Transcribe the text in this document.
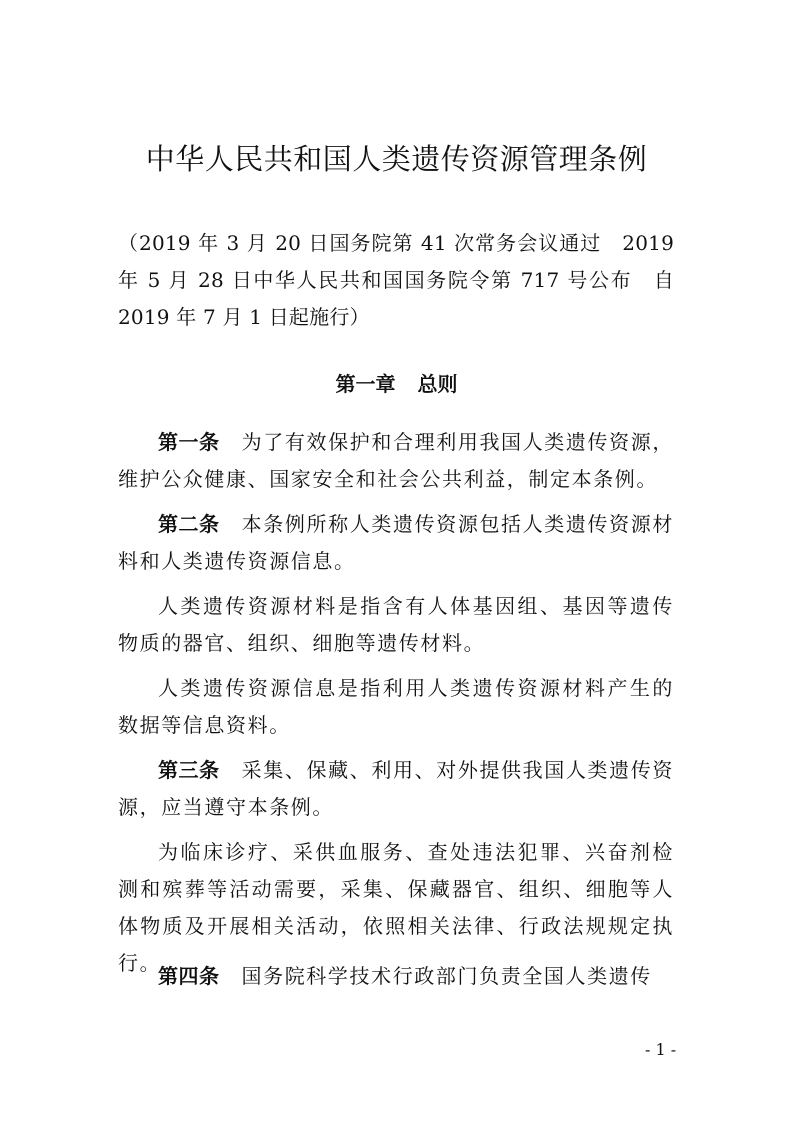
中华人民共和国人类遗传资源管理条例

（2019 年 3 月 20 日国务院第 41 次常务会议通过　2019 年 5 月 28 日中华人民共和国国务院令第 717 号公布　自 2019 年 7 月 1 日起施行）

第一章 总则

第一条 为了有效保护和合理利用我国人类遗传资源，维护公众健康、国家安全和社会公共利益，制定本条例。

第二条 本条例所称人类遗传资源包括人类遗传资源材料和人类遗传资源信息。

人类遗传资源材料是指含有人体基因组、基因等遗传物质的器官、组织、细胞等遗传材料。

人类遗传资源信息是指利用人类遗传资源材料产生的数据等信息资料。

第三条 采集、保藏、利用、对外提供我国人类遗传资源，应当遵守本条例。

为临床诊疗、采供血服务、查处违法犯罪、兴奋剂检测和殡葬等活动需要，采集、保藏器官、组织、细胞等人体物质及开展相关活动，依照相关法律、行政法规规定执行。

第四条 国务院科学技术行政部门负责全国人类遗传

- 1 -
